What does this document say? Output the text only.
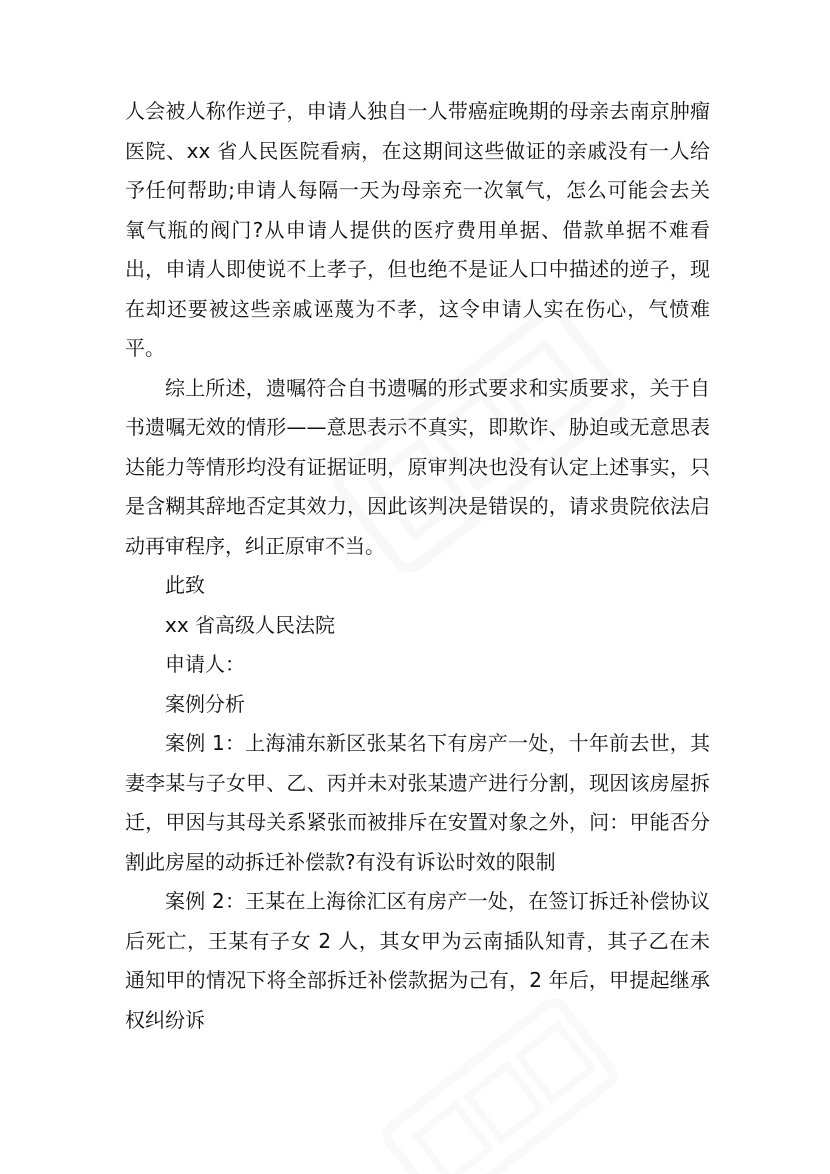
人会被人称作逆子，申请人独自一人带癌症晚期的母亲去南京肿瘤医院、xx 省人民医院看病，在这期间这些做证的亲戚没有一人给予任何帮助;申请人每隔一天为母亲充一次氧气，怎么可能会去关氧气瓶的阀门?从申请人提供的医疗费用单据、借款单据不难看出，申请人即使说不上孝子，但也绝不是证人口中描述的逆子，现在却还要被这些亲戚诬蔑为不孝，这令申请人实在伤心，气愤难平。

综上所述，遗嘱符合自书遗嘱的形式要求和实质要求，关于自书遗嘱无效的情形——意思表示不真实，即欺诈、胁迫或无意思表达能力等情形均没有证据证明，原审判决也没有认定上述事实，只是含糊其辞地否定其效力，因此该判决是错误的，请求贵院依法启动再审程序，纠正原审不当。

此致

xx 省高级人民法院

申请人：

案例分析

案例 1：上海浦东新区张某名下有房产一处，十年前去世，其妻李某与子女甲、乙、丙并未对张某遗产进行分割，现因该房屋拆迁，甲因与其母关系紧张而被排斥在安置对象之外，问：甲能否分割此房屋的动拆迁补偿款?有没有诉讼时效的限制

案例 2：王某在上海徐汇区有房产一处，在签订拆迁补偿协议后死亡，王某有子女 2 人，其女甲为云南插队知青，其子乙在未通知甲的情况下将全部拆迁补偿款据为己有，2 年后，甲提起继承权纠纷诉
